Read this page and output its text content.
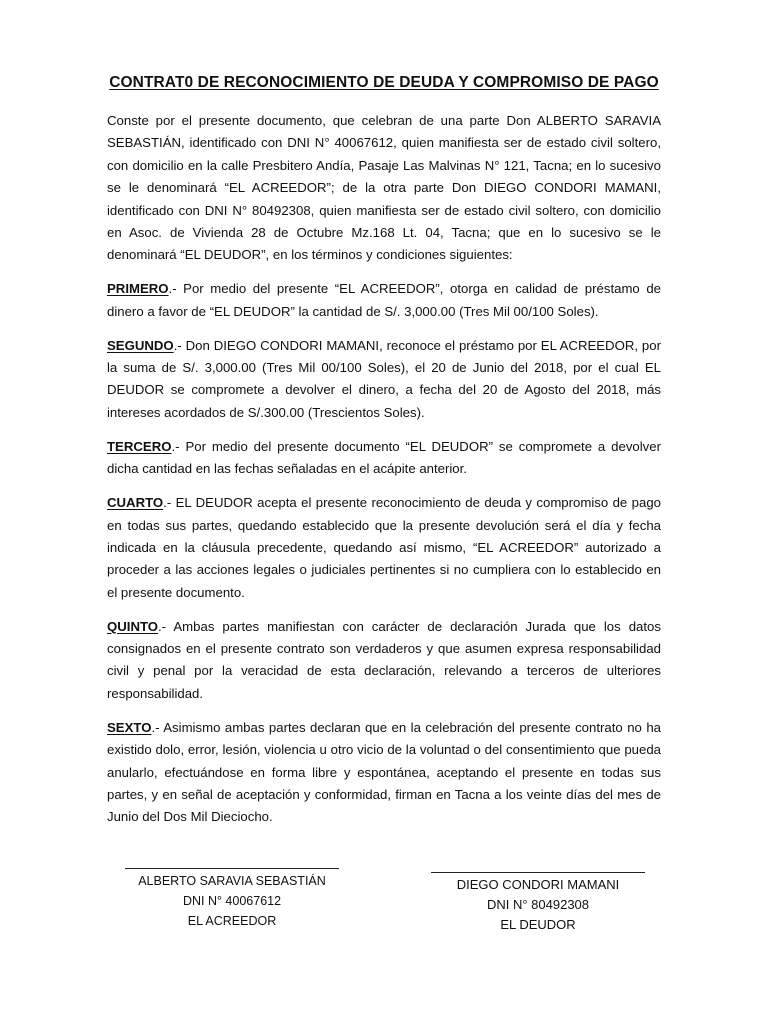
CONTRAT0 DE RECONOCIMIENTO DE DEUDA Y COMPROMISO DE PAGO

Conste por el presente documento, que celebran de una parte Don ALBERTO SARAVIA SEBASTIÁN, identificado con DNI N° 40067612, quien manifiesta ser de estado civil soltero, con domicilio en la calle Presbitero Andía, Pasaje Las Malvinas N° 121, Tacna; en lo sucesivo se le denominará “EL ACREEDOR”; de la otra parte Don DIEGO CONDORI MAMANI, identificado con DNI N° 80492308, quien manifiesta ser de estado civil soltero, con domicilio en Asoc. de Vivienda 28 de Octubre Mz.168 Lt. 04, Tacna; que en lo sucesivo se le denominará “EL DEUDOR”, en los términos y condiciones siguientes:

PRIMERO.- Por medio del presente “EL ACREEDOR”, otorga en calidad de préstamo de dinero a favor de “EL DEUDOR” la cantidad de S/. 3,000.00 (Tres Mil 00/100 Soles).

SEGUNDO.- Don DIEGO CONDORI MAMANI, reconoce el préstamo por EL ACREEDOR, por la suma de S/. 3,000.00 (Tres Mil 00/100 Soles), el 20 de Junio del 2018, por el cual EL DEUDOR se compromete a devolver el dinero, a fecha del 20 de Agosto del 2018, más intereses acordados de S/.300.00 (Trescientos Soles).

TERCERO.- Por medio del presente documento “EL DEUDOR” se compromete a devolver dicha cantidad en las fechas señaladas en el acápite anterior.

CUARTO.- EL DEUDOR acepta el presente reconocimiento de deuda y compromiso de pago en todas sus partes, quedando establecido que la presente devolución será el día y fecha indicada en la cláusula precedente, quedando así mismo, “EL ACREEDOR” autorizado a proceder a las acciones legales o judiciales pertinentes si no cumpliera con lo establecido en el presente documento.

QUINTO.- Ambas partes manifiestan con carácter de declaración Jurada que los datos consignados en el presente contrato son verdaderos y que asumen expresa responsabilidad civil y penal por la veracidad de esta declaración, relevando a terceros de ulteriores responsabilidad.

SEXTO.- Asimismo ambas partes declaran que en la celebración del presente contrato no ha existido dolo, error, lesión, violencia u otro vicio de la voluntad o del consentimiento que pueda anularlo, efectuándose en forma libre y espontánea, aceptando el presente en todas sus partes, y en señal de aceptación y conformidad, firman en Tacna a los veinte días del mes de Junio del Dos Mil Dieciocho.

ALBERTO SARAVIA SEBASTIÁN
DNI N° 40067612
EL ACREEDOR
DIEGO CONDORI MAMANI
DNI N° 80492308
EL DEUDOR
